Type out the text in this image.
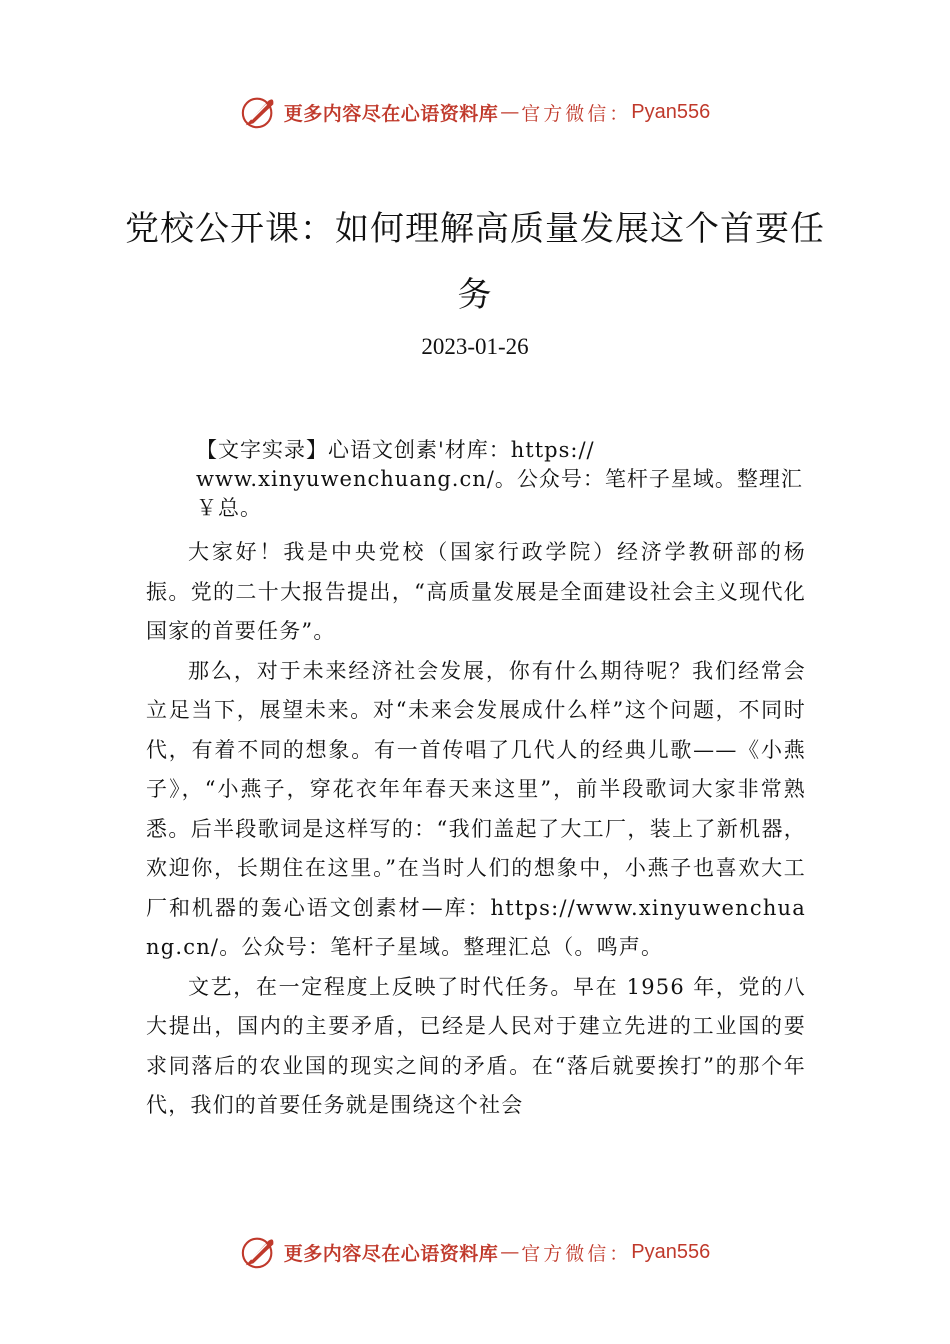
更多内容尽在心语资料库 — 官方微信： Pyan556
党校公开课：如何理解高质量发展这个首要任务
2023-01-26
【文字实录】心语文创素'材库：https://
www.xinyuwenchuang.cn/。公众号：笔杆子星域。整理汇
￥总。

大家好！我是中央党校（国家行政学院）经济学教研部的杨振。党的二十大报告提出，“高质量发展是全面建设社会主义现代化国家的首要任务”。

那么，对于未来经济社会发展，你有什么期待呢？我们经常会立足当下，展望未来。对“未来会发展成什么样”这个问题，不同时代，有着不同的想象。有一首传唱了几代人的经典儿歌——《小燕子》，“小燕子，穿花衣年年春天来这里”，前半段歌词大家非常熟悉。后半段歌词是这样写的：“我们盖起了大工厂，装上了新机器，欢迎你，长期住在这里。”在当时人们的想象中，小燕子也喜欢大工厂和机器的轰心语文创素材—库：https://www.xinyuwenchuang.cn/。公众号：笔杆子星域。整理汇总（。鸣声。

文艺，在一定程度上反映了时代任务。早在 1956 年，党的八大提出，国内的主要矛盾，已经是人民对于建立先进的工业国的要求同落后的农业国的现实之间的矛盾。在“落后就要挨打”的那个年代，我们的首要任务就是围绕这个社会

更多内容尽在心语资料库 — 官方微信： Pyan556
